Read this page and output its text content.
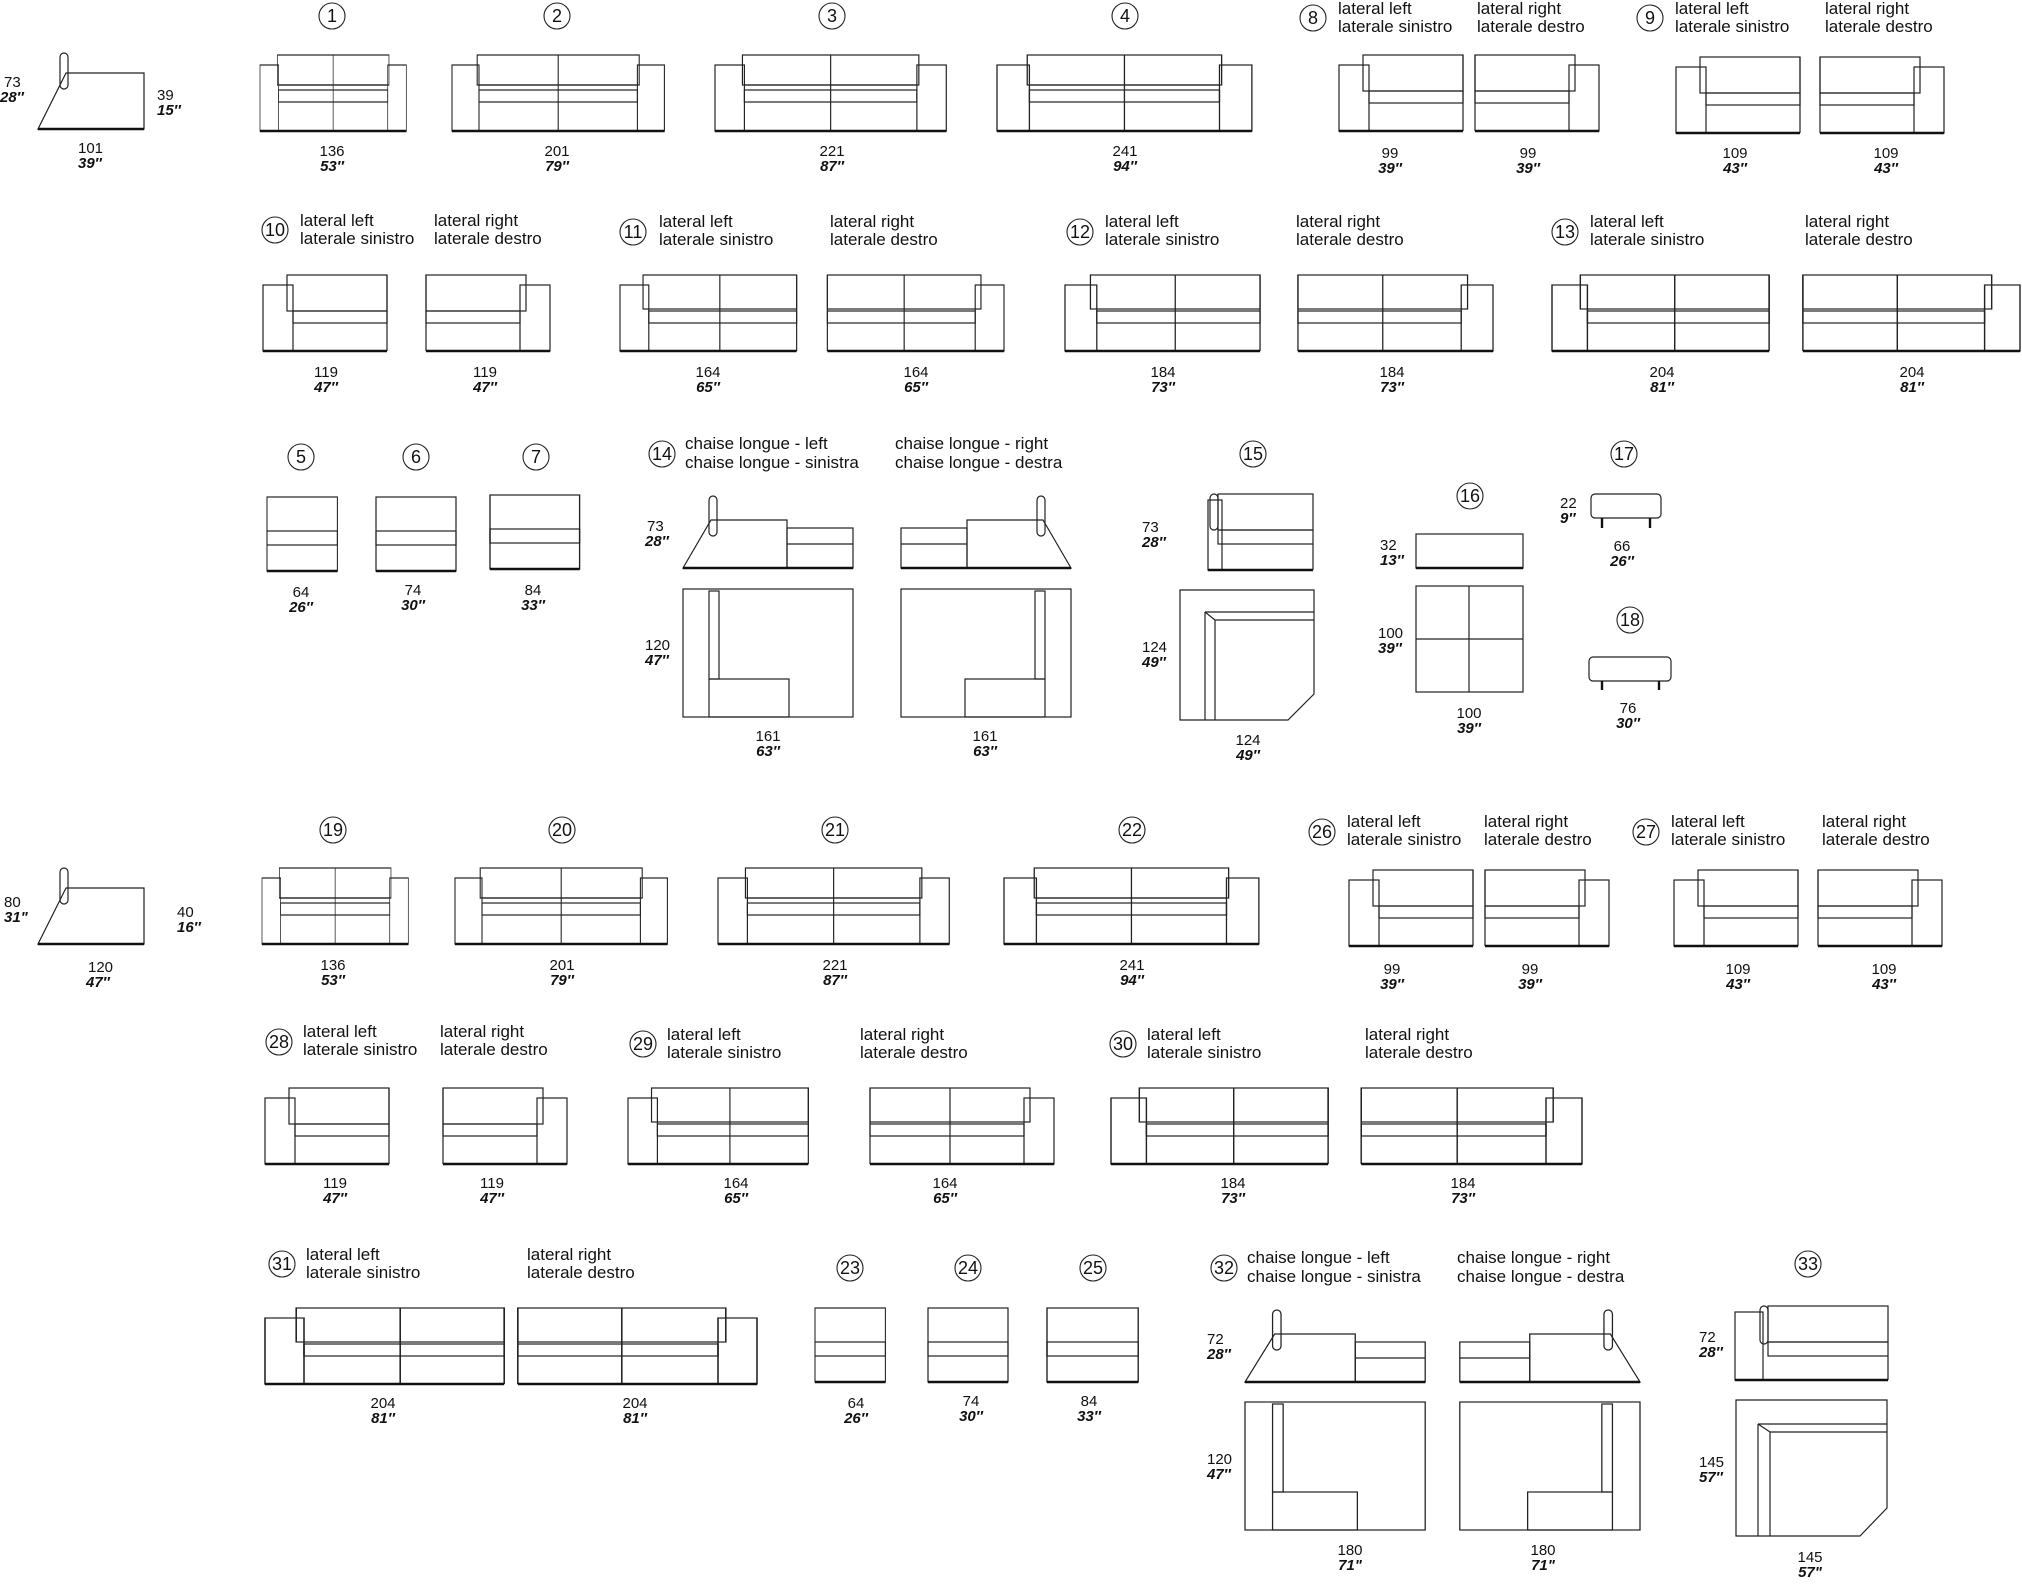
73
28″	39
15″
101
39″
80
31"	40
16″
120
47″
1
136
53″
2
201
79″
3
221
87″
4
241
94″
19
136
53″
20
201
79″
21
221
87″
22
241
94″
8 lateral left
laterale sinistro
lateral right
laterale destro
99
39″
99
39″
9 lateral left
laterale sinistro
lateral right
laterale destro
109
43″
109
43″
26
lateral left
laterale sinistro
lateral right
laterale destro
99
39″
99
39″
27
lateral left
laterale sinistro
lateral right
laterale destro
109
43″
109
43″
10 lateral left
laterale sinistro
lateral right
laterale destro
119
47″
119
47″
11
lateral left
laterale sinistro
lateral right
laterale destro
164
65″
164
65″
12
lateral left
laterale sinistro
lateral right
laterale destro
184
73″
184
73″
13
lateral left
laterale sinistro
lateral right
laterale destro
204
81″
204
81″
28
lateral left
laterale sinistro
lateral right
laterale destro
119
47″
119
47″
29 lateral left
laterale sinistro
lateral right
laterale destro
164
65″
164
65″
30 lateral left
laterale sinistro
lateral right
laterale destro
184
73″
184
73″
31 lateral left
laterale sinistro
lateral right
laterale destro
204
81″
204
81″
5
64
26″
6
74
30″
7
84
33″
23
64
26″
24
74
30″
25
84
33″
14
chaise longue - left
chaise longue - sinistra
chaise longue - right
chaise longue - destra
73
28″
120
47″
161
63″
161
63″
32
chaise longue - left
chaise longue - sinistra
chaise longue - right
chaise longue - destra
72
28″
120
47″
180
71"
180
71"
15
73
28″
124
49″
124
49″
33
72
28″
145
57″
145
57"
16
32
13″
100
39″
100
39″
17
22
9″
66
26″
18
76
30″
